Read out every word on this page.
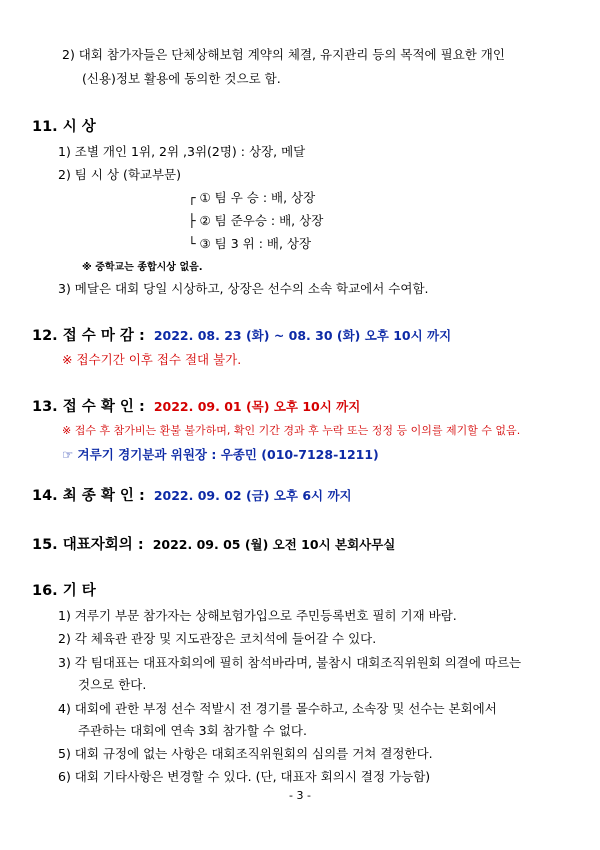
2) 대회 참가자들은 단체상해보험 계약의 체결, 유지관리 등의 목적에 필요한 개인
(신용)정보 활용에 동의한 것으로 함.
11. 시 상
1) 조별 개인 1위, 2위 ,3위(2명) : 상장, 메달
2) 팀 시 상 (학교부문)
┌ ① 팀 우 승 : 배, 상장
├ ② 팀 준우승 : 배, 상장
└ ③ 팀 3 위 : 배, 상장
※ 중학교는 종합시상 없음.
3) 메달은 대회 당일 시상하고, 상장은 선수의 소속 학교에서 수여함.
12. 접 수 마 감 : 2022. 08. 23 (화) ~ 08. 30 (화) 오후 10시 까지
※ 접수기간 이후 접수 절대 불가.
13. 접 수 확 인 : 2022. 09. 01 (목) 오후 10시 까지
※ 접수 후 참가비는 환불 불가하며, 확인 기간 경과 후 누락 또는 정정 등 이의를 제기할 수 없음.
☞ 겨루기 경기분과 위원장 : 우종민 (010-7128-1211)
14. 최 종 확 인 : 2022. 09. 02 (금) 오후 6시 까지
15. 대표자회의 : 2022. 09. 05 (월) 오전 10시 본회사무실
16. 기 타
1) 겨루기 부문 참가자는 상해보험가입으로 주민등록번호 필히 기재 바람.
2) 각 체육관 관장 및 지도관장은 코치석에 들어갈 수 있다.
3) 각 팀대표는 대표자회의에 필히 참석바라며, 불참시 대회조직위원회 의결에 따르는
것으로 한다.
4) 대회에 관한 부정 선수 적발시 전 경기를 몰수하고, 소속장 및 선수는 본회에서
주관하는 대회에 연속 3회 참가할 수 없다.
5) 대회 규정에 없는 사항은 대회조직위원회의 심의를 거쳐 결정한다.
6) 대회 기타사항은 변경할 수 있다. (단, 대표자 회의시 결정 가능함)
- 3 -
